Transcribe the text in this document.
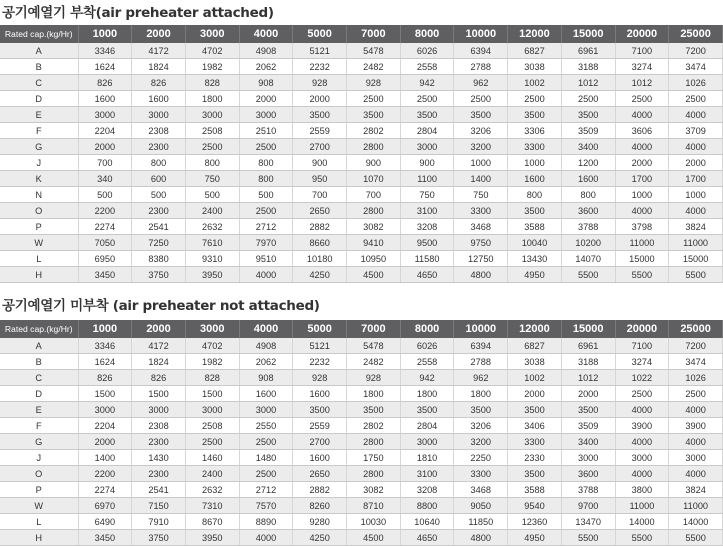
공기예열기 부착(air preheater attached)
Rated cap.(kg/Hr)	1000	2000	3000	4000	5000	7000	8000	10000	12000	15000	20000	25000
A	3346	4172	4702	4908	5121	5478	6026	6394	6827	6961	7100	7200
B	1624	1824	1982	2062	2232	2482	2558	2788	3038	3188	3274	3474
C	826	826	828	908	928	928	942	962	1002	1012	1012	1026
D	1600	1600	1800	2000	2000	2500	2500	2500	2500	2500	2500	2500
E	3000	3000	3000	3000	3500	3500	3500	3500	3500	3500	4000	4000
F	2204	2308	2508	2510	2559	2802	2804	3206	3306	3509	3606	3709
G	2000	2300	2500	2500	2700	2800	3000	3200	3300	3400	4000	4000
J	700	800	800	800	900	900	900	1000	1000	1200	2000	2000
K	340	600	750	800	950	1070	1100	1400	1600	1600	1700	1700
N	500	500	500	500	700	700	750	750	800	800	1000	1000
O	2200	2300	2400	2500	2650	2800	3100	3300	3500	3600	4000	4000
P	2274	2541	2632	2712	2882	3082	3208	3468	3588	3788	3798	3824
W	7050	7250	7610	7970	8660	9410	9500	9750	10040	10200	11000	11000
L	6950	8380	9310	9510	10180	10950	11580	12750	13430	14070	15000	15000
H	3450	3750	3950	4000	4250	4500	4650	4800	4950	5500	5500	5500
공기예열기 미부착 (air preheater not attached)
Rated cap.(kg/Hr)	1000	2000	3000	4000	5000	7000	8000	10000	12000	15000	20000	25000
A	3346	4172	4702	4908	5121	5478	6026	6394	6827	6961	7100	7200
B	1624	1824	1982	2062	2232	2482	2558	2788	3038	3188	3274	3474
C	826	826	828	908	928	928	942	962	1002	1012	1022	1026
D	1500	1500	1500	1600	1600	1800	1800	1800	2000	2000	2500	2500
E	3000	3000	3000	3000	3500	3500	3500	3500	3500	3500	4000	4000
F	2204	2308	2508	2550	2559	2802	2804	3206	3406	3509	3900	3900
G	2000	2300	2500	2500	2700	2800	3000	3200	3300	3400	4000	4000
J	1400	1430	1460	1480	1600	1750	1810	2250	2330	3000	3000	3000
O	2200	2300	2400	2500	2650	2800	3100	3300	3500	3600	4000	4000
P	2274	2541	2632	2712	2882	3082	3208	3468	3588	3788	3800	3824
W	6970	7150	7310	7570	8260	8710	8800	9050	9540	9700	11000	11000
L	6490	7910	8670	8890	9280	10030	10640	11850	12360	13470	14000	14000
H	3450	3750	3950	4000	4250	4500	4650	4800	4950	5500	5500	5500
